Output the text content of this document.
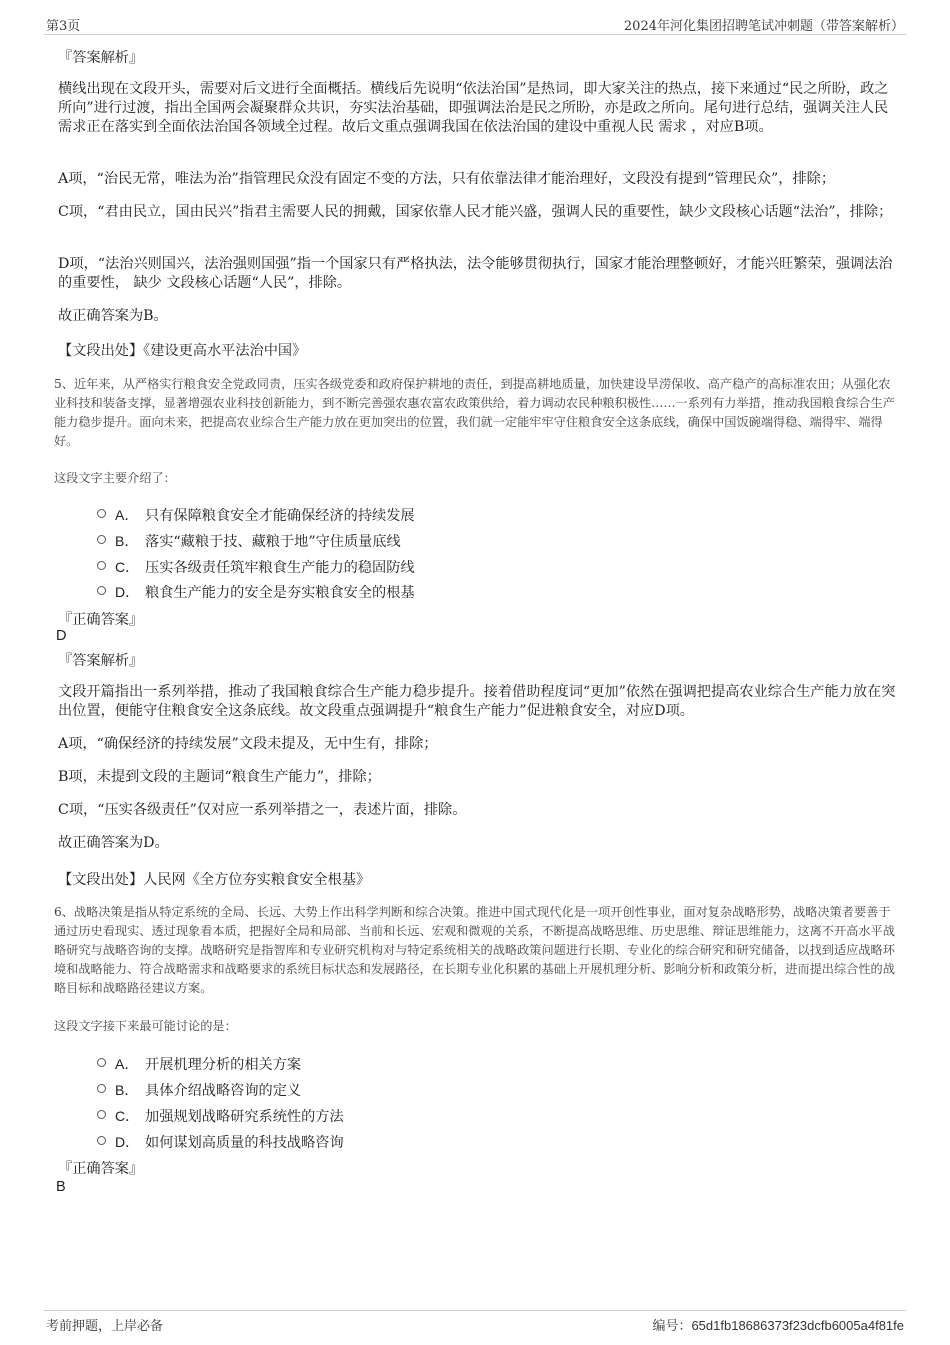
第3页	2024年河化集团招聘笔试冲刺题（带答案解析）
『答案解析』
横线出现在文段开头，需要对后文进行全面概括。横线后先说明“依法治国”是热词，即大家关注的热点，接下来通过“民之所盼，政之所向”进行过渡，指出全国两会凝聚群众共识，夯实法治基础，即强调法治是民之所盼，亦是政之所向。尾句进行总结，强调关注人民需求正在落实到全面依法治国各领域全过程。故后文重点强调我国在依法治国的建设中重视人民 需求 ，对应B项。
A项，“治民无常，唯法为治”指管理民众没有固定不变的方法，只有依靠法律才能治理好，文段没有提到“管理民众”，排除；
C项，“君由民立，国由民兴”指君主需要人民的拥戴，国家依靠人民才能兴盛，强调人民的重要性，缺少文段核心话题“法治”，排除；
D项，“法治兴则国兴，法治强则国强”指一个国家只有严格执法，法令能够贯彻执行，国家才能治理整顿好，才能兴旺繁荣，强调法治的重要性， 缺少 文段核心话题“人民”，排除。
故正确答案为B。
【文段出处】《建设更高水平法治中国》
5、近年来，从严格实行粮食安全党政同责，压实各级党委和政府保护耕地的责任，到提高耕地质量，加快建设旱涝保收、高产稳产的高标准农田；从强化农业科技和装备支撑，显著增强农业科技创新能力，到不断完善强农惠农富农政策供给，着力调动农民种粮积极性……一系列有力举措，推动我国粮食综合生产能力稳步提升。面向未来，把提高农业综合生产能力放在更加突出的位置，我们就一定能牢牢守住粮食安全这条底线，确保中国饭碗端得稳、端得牢、端得好。
这段文字主要介绍了：
A． 只有保障粮食安全才能确保经济的持续发展
B． 落实“藏粮于技、藏粮于地”守住质量底线
C． 压实各级责任筑牢粮食生产能力的稳固防线
D． 粮食生产能力的安全是夯实粮食安全的根基
『正确答案』
D
『答案解析』
文段开篇指出一系列举措，推动了我国粮食综合生产能力稳步提升。接着借助程度词“更加”依然在强调把提高农业综合生产能力放在突出位置，便能守住粮食安全这条底线。故文段重点强调提升“粮食生产能力”促进粮食安全，对应D项。
A项，“确保经济的持续发展”文段未提及，无中生有，排除；
B项，未提到文段的主题词“粮食生产能力”，排除；
C项，“压实各级责任”仅对应一系列举措之一，表述片面，排除。
故正确答案为D。
【文段出处】人民网《全方位夯实粮食安全根基》
6、战略决策是指从特定系统的全局、长远、大势上作出科学判断和综合决策。推进中国式现代化是一项开创性事业，面对复杂战略形势，战略决策者要善于通过历史看现实、透过现象看本质，把握好全局和局部、当前和长远、宏观和微观的关系，不断提高战略思维、历史思维、辩证思维能力，这离不开高水平战略研究与战略咨询的支撑。战略研究是指智库和专业研究机构对与特定系统相关的战略政策问题进行长期、专业化的综合研究和研究储备，以找到适应战略环境和战略能力、符合战略需求和战略要求的系统目标状态和发展路径，在长期专业化积累的基础上开展机理分析、影响分析和政策分析，进而提出综合性的战略目标和战略路径建议方案。
这段文字接下来最可能讨论的是：
A． 开展机理分析的相关方案
B． 具体介绍战略咨询的定义
C． 加强规划战略研究系统性的方法
D． 如何谋划高质量的科技战略咨询
『正确答案』
B
考前押题，上岸必备	编号：65d1fb18686373f23dcfb6005a4f81fe
